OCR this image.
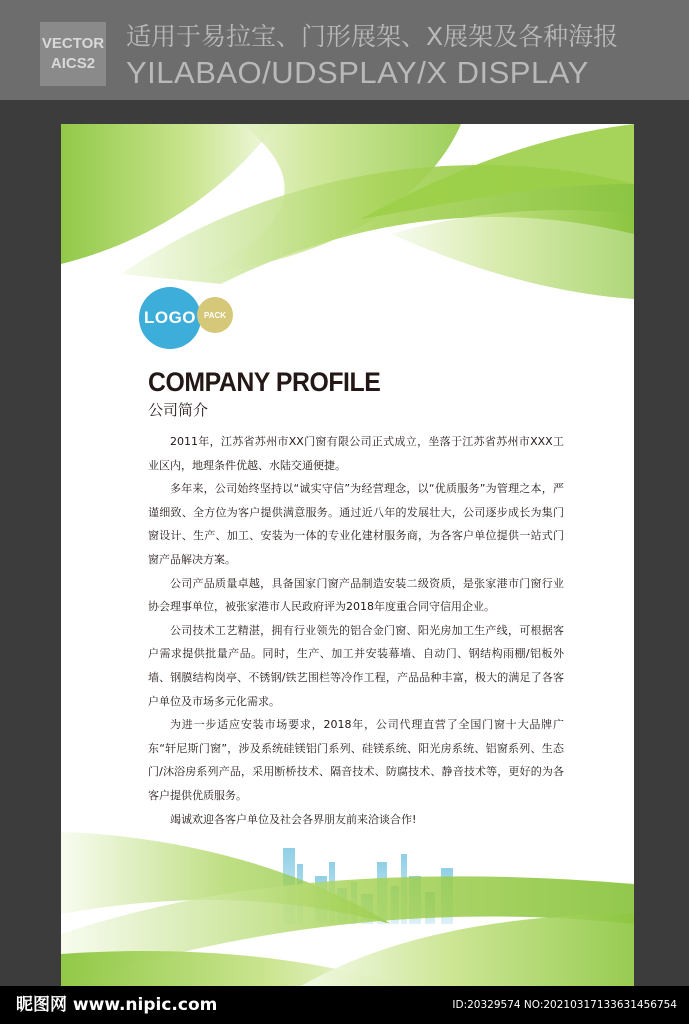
VECTOR
AICS2
适用于易拉宝、门形展架、X展架及各种海报
YILABAO/UDSPLAY/X DISPLAY
LOGO PACK
COMPANY PROFILE
公司简介

2011年，江苏省苏州市XX门窗有限公司正式成立，坐落于江苏省苏州市XXX工业区内，地理条件优越、水陆交通便捷。

多年来，公司始终坚持以“诚实守信”为经营理念，以“优质服务”为管理之本，严谨细致、全方位为客户提供满意服务。通过近八年的发展壮大，公司逐步成长为集门窗设计、生产、加工、安装为一体的专业化建材服务商，为各客户单位提供一站式门窗产品解决方案。

公司产品质量卓越，具备国家门窗产品制造安装二级资质，是张家港市门窗行业协会理事单位，被张家港市人民政府评为2018年度重合同守信用企业。

公司技术工艺精湛，拥有行业领先的铝合金门窗、阳光房加工生产线，可根据客户需求提供批量产品。同时，生产、加工并安装幕墙、自动门、钢结构雨棚/铝板外墙、钢膜结构岗亭、不锈钢/铁艺围栏等冷作工程，产品品种丰富，极大的满足了各客户单位及市场多元化需求。

为进一步适应安装市场要求，2018年，公司代理直营了全国门窗十大品牌广东“轩尼斯门窗”，涉及系统硅镁铝门系列、硅镁系统、阳光房系统、铝窗系列、生态门/沐浴房系列产品，采用断桥技术、隔音技术、防腐技术、静音技术等，更好的为各客户提供优质服务。

竭诚欢迎各客户单位及社会各界朋友前来洽谈合作!

昵图网 www.nipic.com	ID:20329574 NO:20210317133631456754
